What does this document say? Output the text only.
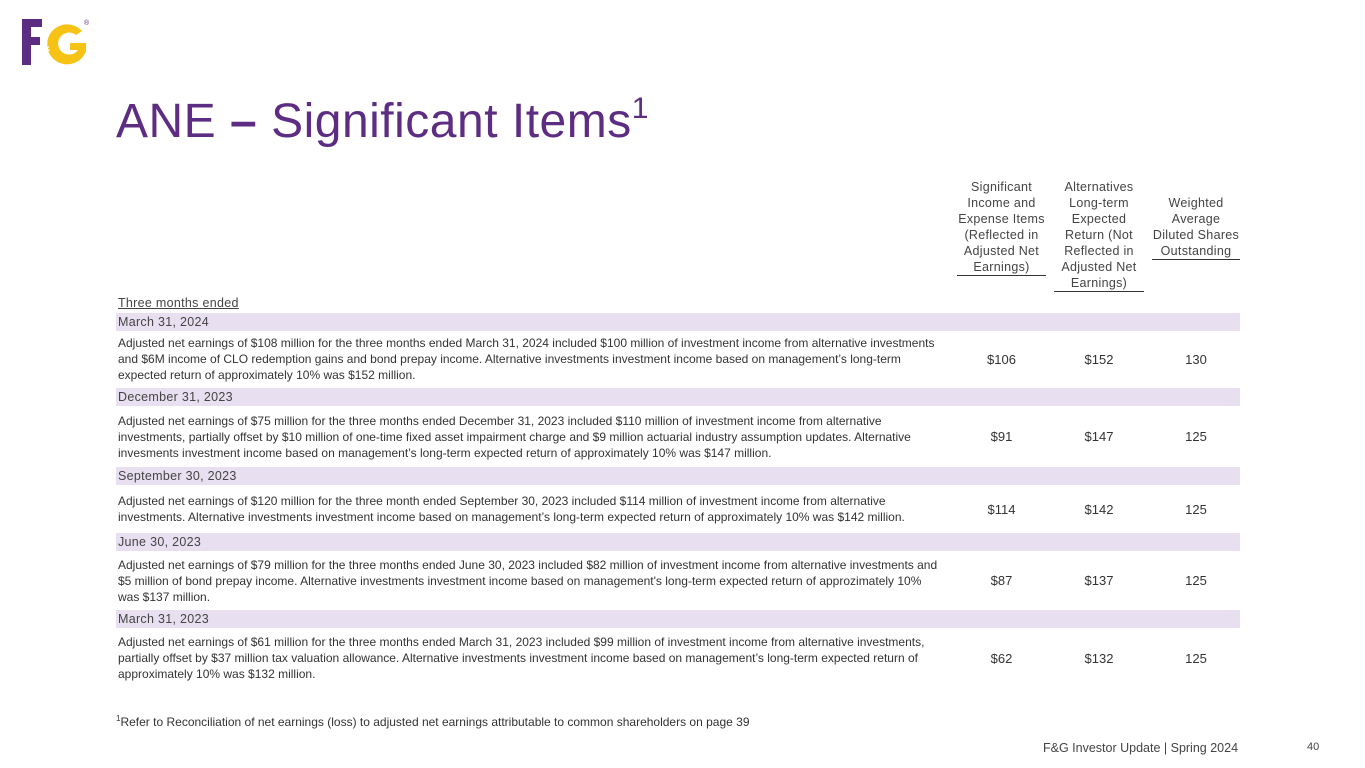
&
®
ANE – Significant Items$^1$
Significant Income and Expense Items (Reflected in Adjusted Net Earnings)
Alternatives Long-term Expected Return (Not Reflected in Adjusted Net Earnings)
Weighted Average Diluted Shares Outstanding
Three months ended
March 31, 2024
Adjusted net earnings of $108 million for the three months ended March 31, 2024 included $100 million of investment income from alternative investments and $6M income of CLO redemption gains and bond prepay income. Alternative investments investment income based on management’s long-term expected return of approximately 10% was $152 million.
$106	$152	130
December 31, 2023
Adjusted net earnings of $75 million for the three months ended December 31, 2023 included $110 million of investment income from alternative investments, partially offset by $10 million of one-time fixed asset impairment charge and $9 million actuarial industry assumption updates. Alternative invesments investment income based on management’s long-term expected return of approximately 10% was $147 million.
$91	$147	125
September 30, 2023
Adjusted net earnings of $120 million for the three month ended September 30, 2023 included $114 million of investment income from alternative investments. Alternative investments investment income based on management’s long-term expected return of approximately 10% was $142 million.
$114	$142	125
June 30, 2023
Adjusted net earnings of $79 million for the three months ended June 30, 2023 included $82 million of investment income from alternative investments and $5 million of bond prepay income. Alternative investments investment income based on management's long-term expected return of approzimately 10% was $137 million.
$87	$137	125
March 31, 2023
Adjusted net earnings of $61 million for the three months ended March 31, 2023 included $99 million of investment income from alternative investments, partially offset by $37 million tax valuation allowance. Alternative investments investment income based on management’s long-term expected return of approximately 10% was $132 million.
$62	$132	125
$^1$Refer to Reconciliation of net earnings (loss) to adjusted net earnings attributable to common shareholders on page 39
F&G Investor Update | Spring 2024	40
